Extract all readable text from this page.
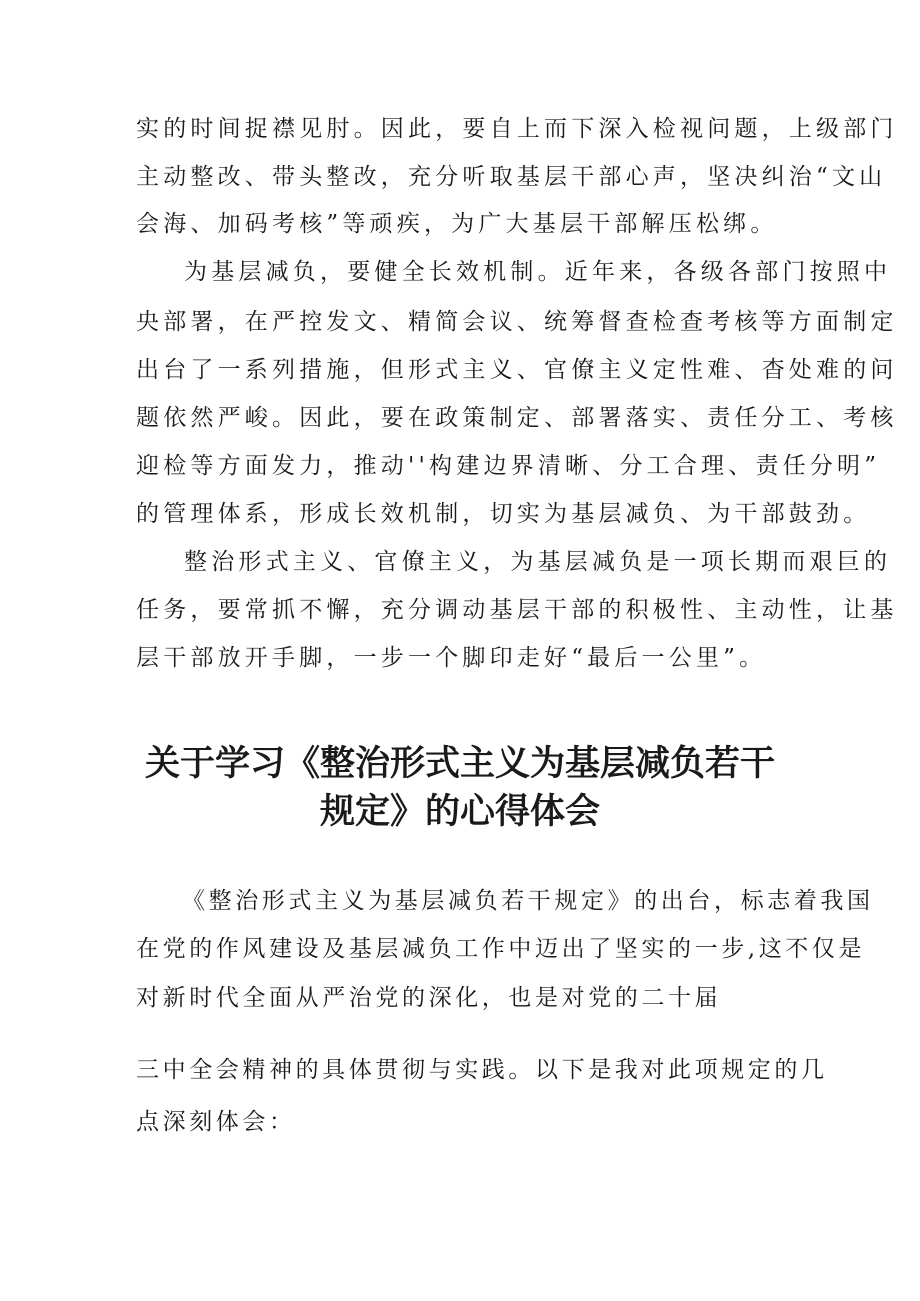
实的时间捉襟见肘。因此，要自上而下深入检视问题，上级部门
主动整改、带头整改，充分听取基层干部心声，坚决纠治“文山
会海、加码考核”等顽疾，为广大基层干部解压松绑。
为基层减负，要健全长效机制。近年来，各级各部门按照中
央部署，在严控发文、精简会议、统筹督查检查考核等方面制定
出台了一系列措施，但形式主义、官僚主义定性难、杳处难的问
题依然严峻。因此，要在政策制定、部署落实、责任分工、考核
迎检等方面发力，推动''构建边界清晰、分工合理、责任分明”
的管理体系，形成长效机制，切实为基层减负、为干部鼓劲。
整治形式主义、官僚主义，为基层减负是一项长期而艰巨的
任务，要常抓不懈，充分调动基层干部的积极性、主动性，让基
层干部放开手脚，一步一个脚印走好“最后一公里”。
关于学习《整治形式主义为基层减负若干
规定》的心得体会
《整治形式主义为基层减负若干规定》的出台，标志着我国
在党的作风建设及基层减负工作中迈出了坚实的一步,这不仅是
对新时代全面从严治党的深化，也是对党的二十届
三中全会精神的具体贯彻与实践。以下是我对此项规定的几
点深刻体会：
